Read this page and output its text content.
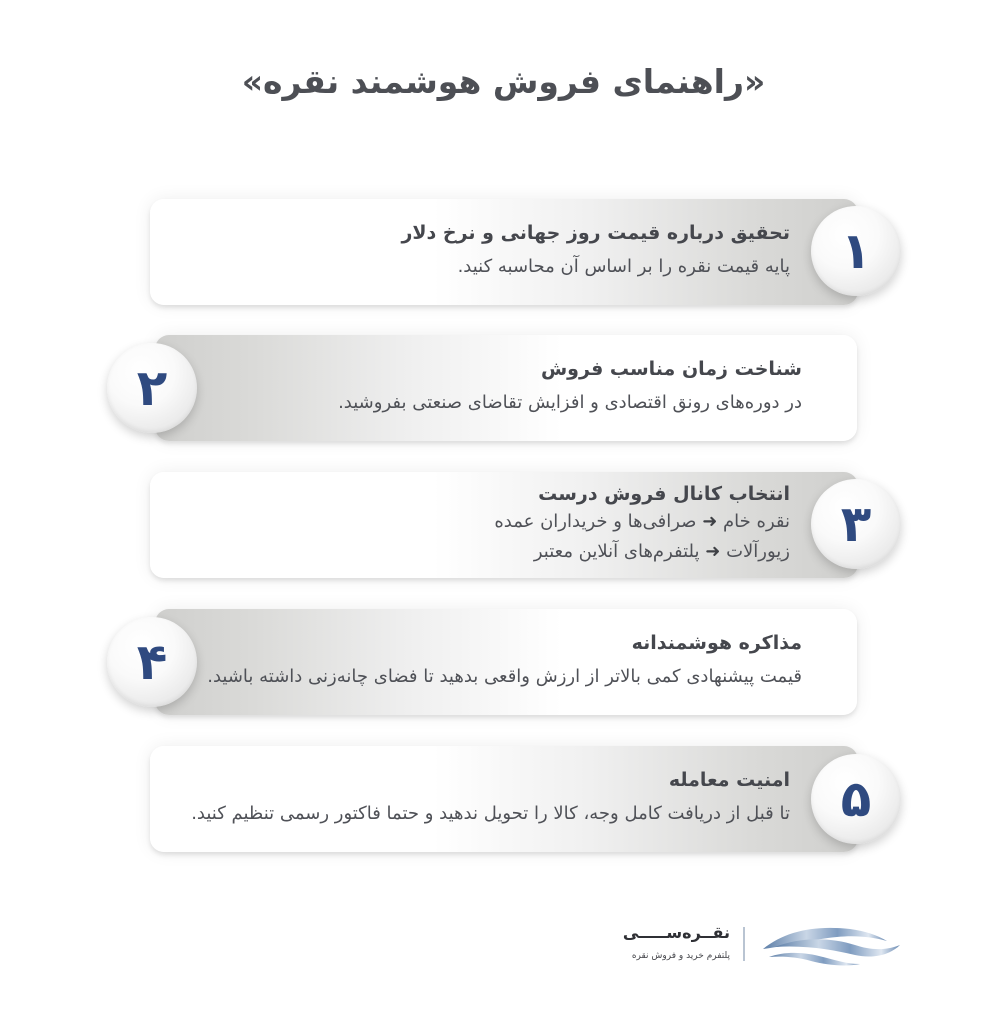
«راهنمای فروش هوشمند نقره»
تحقیق درباره قیمت روز جهانی و نرخ دلار
پایه قیمت نقره را بر اساس آن محاسبه کنید. ۱
شناخت زمان مناسب فروش
در دوره‌های رونق اقتصادی و افزایش تقاضای صنعتی بفروشید.
۲
انتخاب کانال فروش درست
نقره خام ➜ صرافی‌ها و خریداران عمده
زیورآلات ➜ پلتفرم‌های آنلاین معتبر	۳
مذاکره هوشمندانه
قیمت پیشنهادی کمی بالاتر از ارزش واقعی بدهید تا فضای چانه‌زنی داشته باشید.
۴
امنیت معامله
تا قبل از دریافت کامل وجه، کالا را تحویل ندهید و حتما فاکتور رسمی تنظیم کنید. ۵
نقــره‌ســـــی
پلتفرم خرید و فروش نقره
